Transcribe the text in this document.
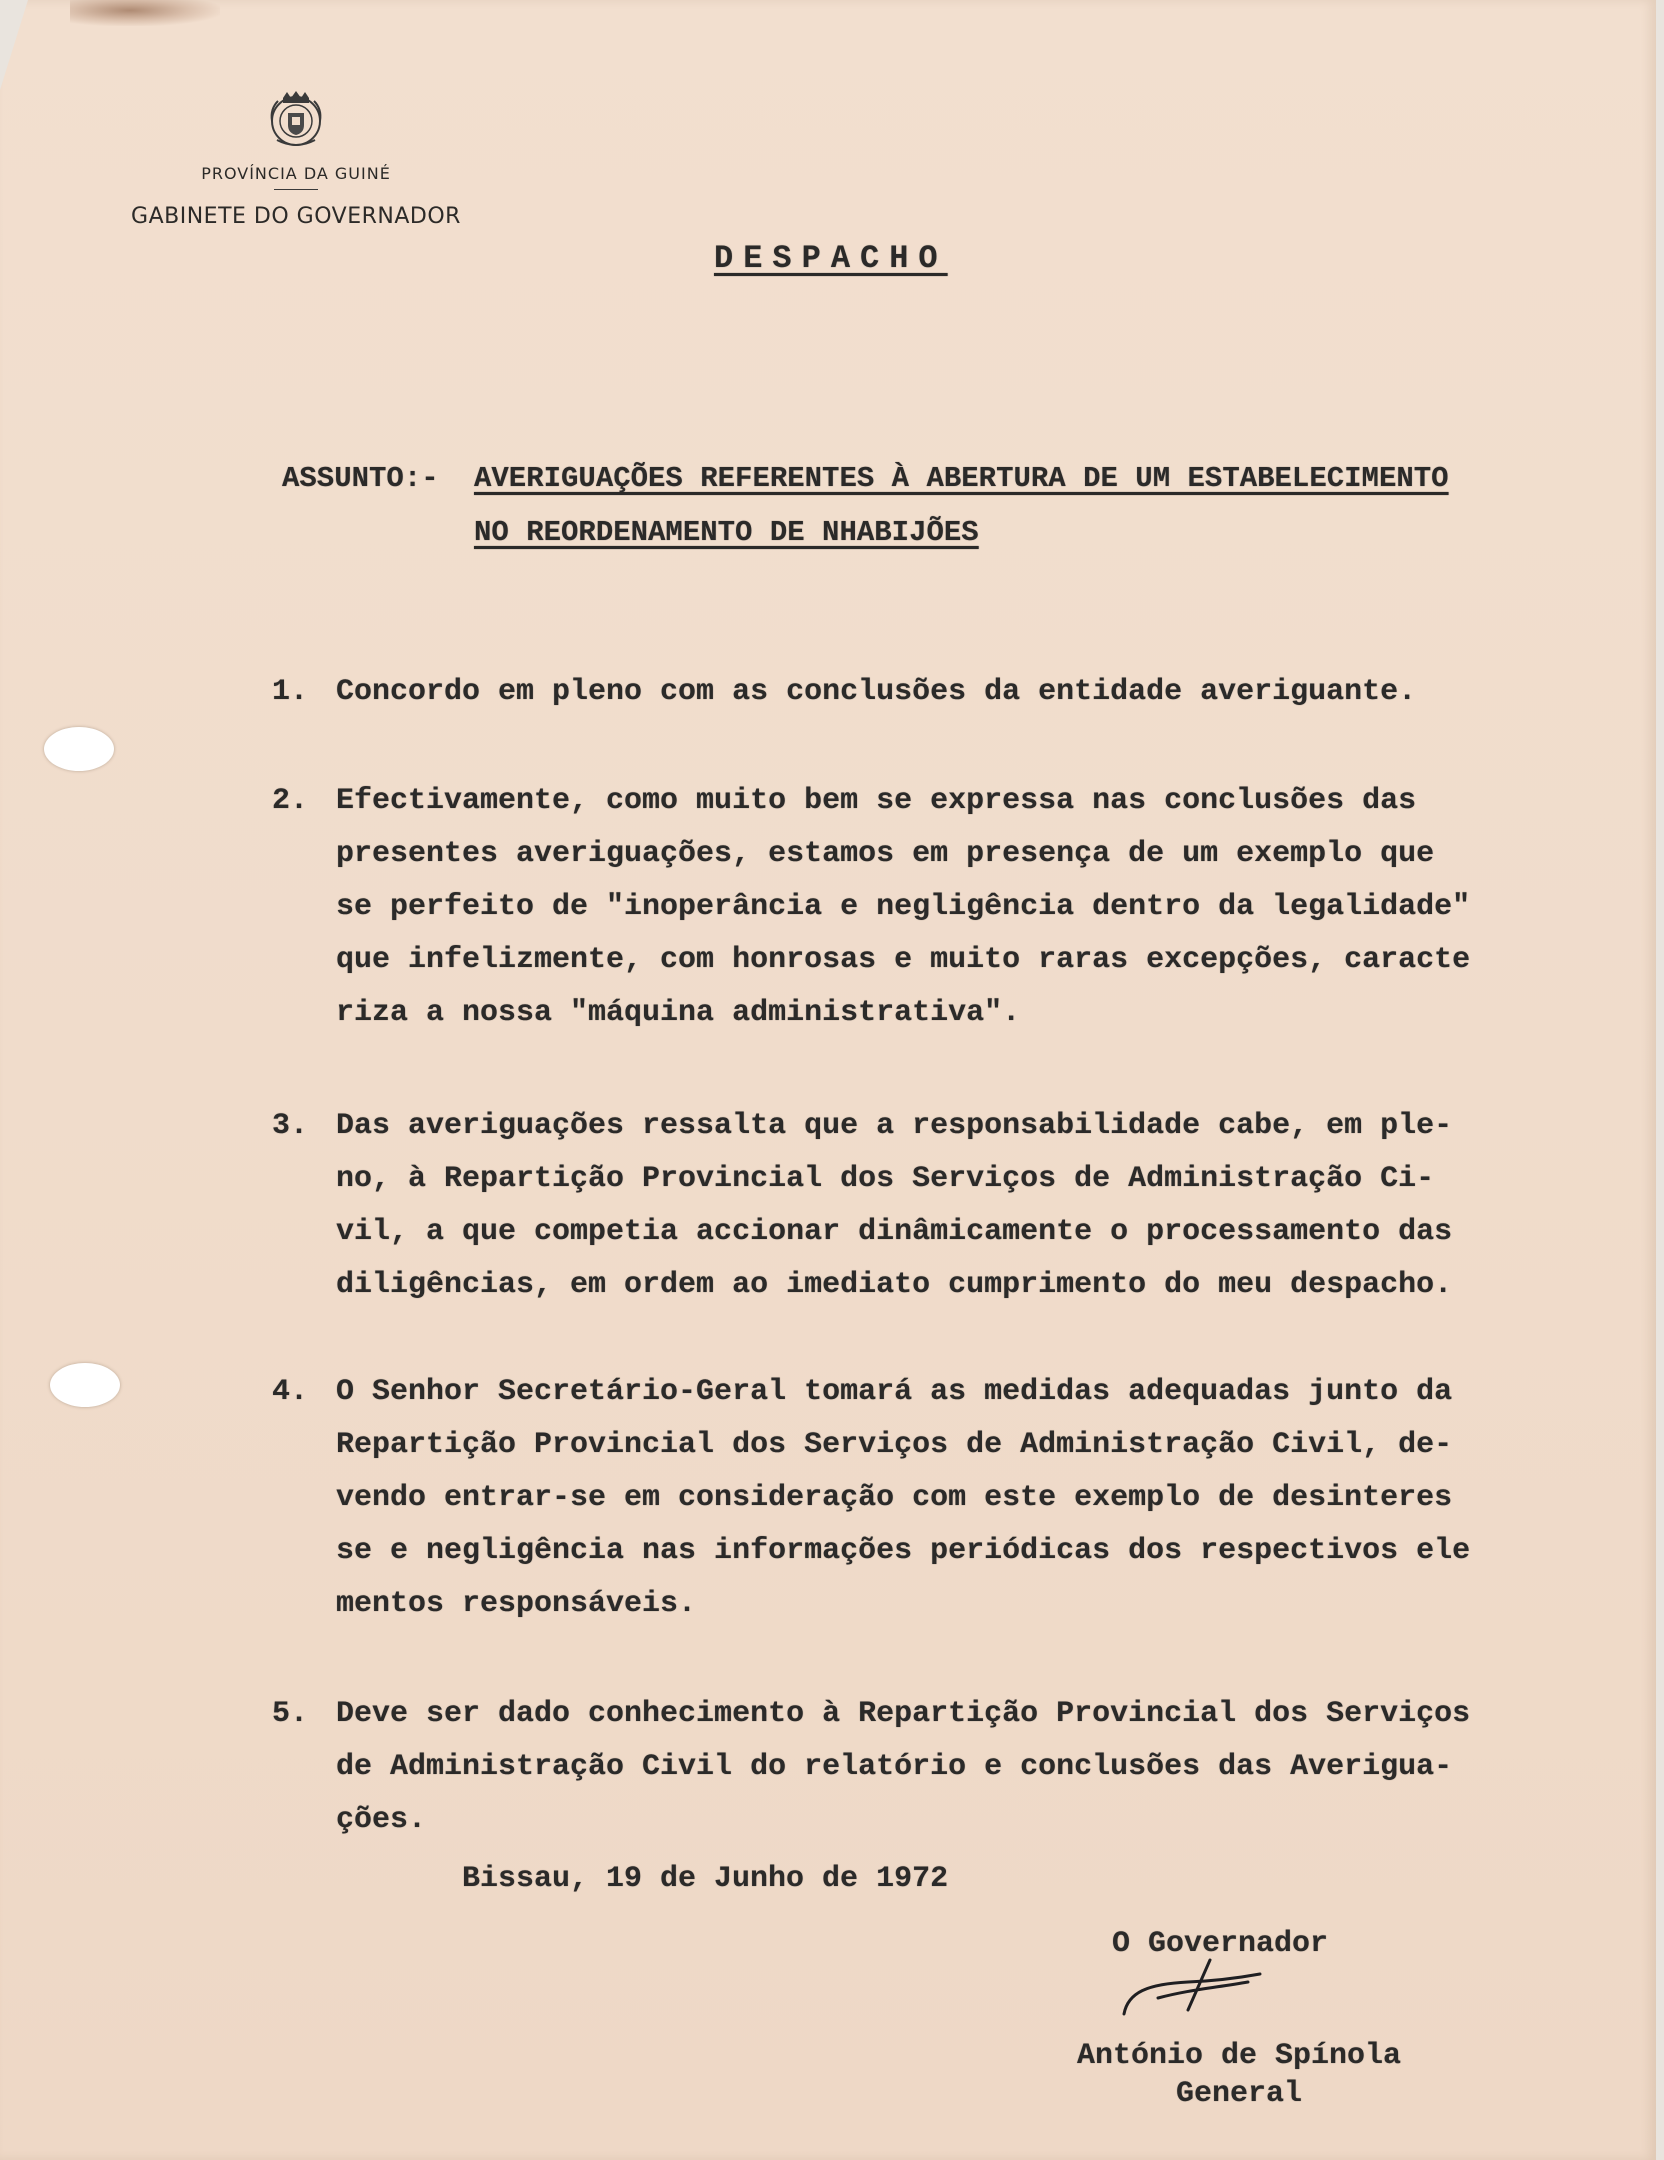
PROVÍNCIA DA GUINÉ
GABINETE DO GOVERNADOR
DESPACHO
ASSUNTO:- AVERIGUAÇÕES REFERENTES À ABERTURA DE UM ESTABELECIMENTO
NO REORDENAMENTO DE NHABIJÕES
1. Concordo em pleno com as conclusões da entidade averiguante.
2. Efectivamente, como muito bem se expressa nas conclusões das
presentes averiguações, estamos em presença de um exemplo que
se perfeito de "inoperância e negligência dentro da legalidade"
que infelizmente, com honrosas e muito raras excepções, caracte
riza a nossa "máquina administrativa".
3. Das averiguações ressalta que a responsabilidade cabe, em ple-
no, à Repartição Provincial dos Serviços de Administração Ci-
vil, a que competia accionar dinâmicamente o processamento das
diligências, em ordem ao imediato cumprimento do meu despacho.
4. O Senhor Secretário-Geral tomará as medidas adequadas junto da
Repartição Provincial dos Serviços de Administração Civil, de-
vendo entrar-se em consideração com este exemplo de desinteres
se e negligência nas informações periódicas dos respectivos ele
mentos responsáveis.
5. Deve ser dado conhecimento à Repartição Provincial dos Serviços
de Administração Civil do relatório e conclusões das Averigua-
ções.
Bissau, 19 de Junho de 1972
O Governador
António de Spínola
General
